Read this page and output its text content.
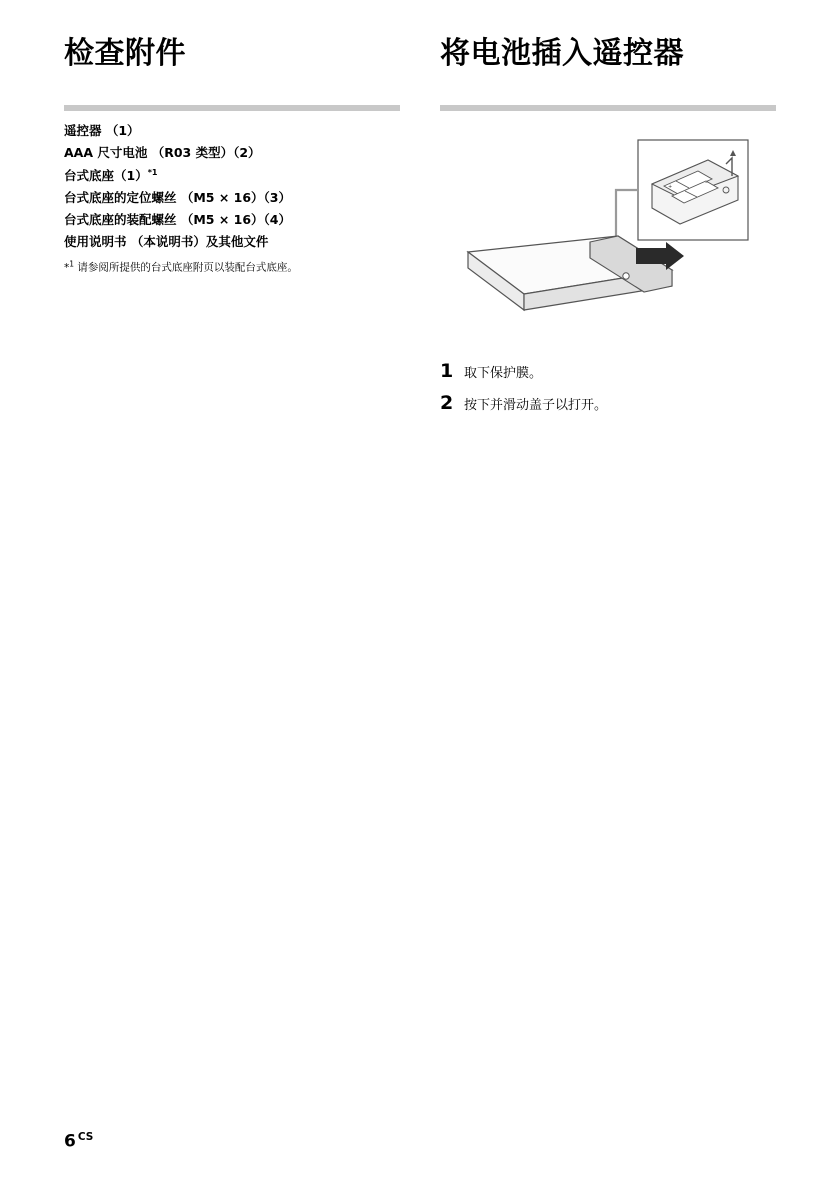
检查附件
遥控器 （1）
AAA 尺寸电池 （R03 类型）（2）
台式底座$(1)^{*1}$
台式底座的定位螺丝 （M5 × 16）（3）
台式底座的装配螺丝 （M5 × 16）（4）
使用说明书 （本说明书）及其他文件
*$^1$ 请参阅所提供的台式底座附页以装配台式底座。
将电池插入遥控器
+
–
1 取下保护膜。
2 按下并滑动盖子以打开。
6 $^{CS}$
